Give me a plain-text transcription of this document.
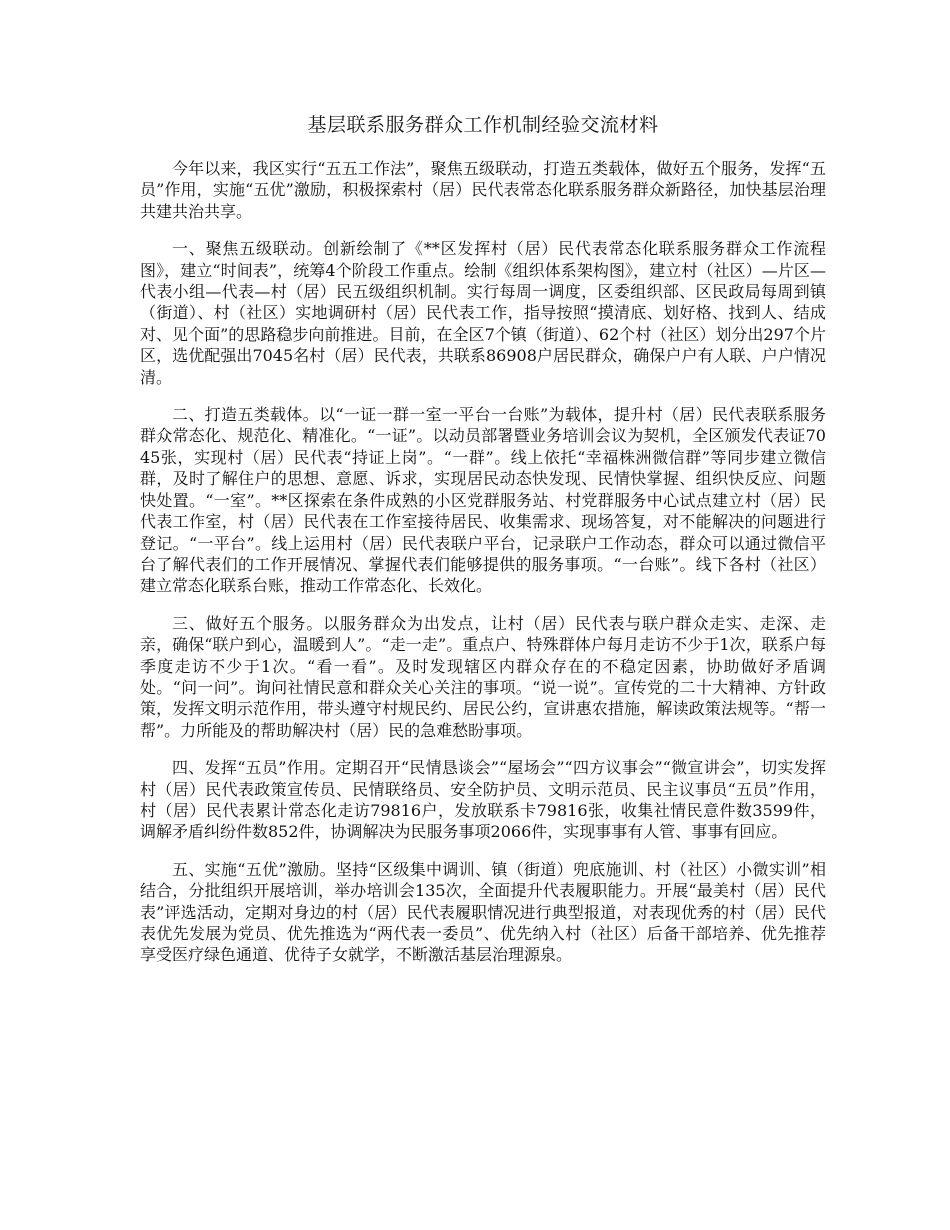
基层联系服务群众工作机制经验交流材料

今年以来，我区实行“五五工作法”，聚焦五级联动，打造五类载体，做好五个服务，发挥“五员”作用，实施“五优”激励，积极探索村（居）民代表常态化联系服务群众新路径，加快基层治理共建共治共享。

一、聚焦五级联动。创新绘制了《**区发挥村（居）民代表常态化联系服务群众工作流程图》，建立“时间表”，统筹4个阶段工作重点。绘制《组织体系架构图》，建立村（社区）—片区—代表小组—代表—村（居）民五级组织机制。实行每周一调度，区委组织部、区民政局每周到镇（街道）、村（社区）实地调研村（居）民代表工作，指导按照“摸清底、划好格、找到人、结成对、见个面”的思路稳步向前推进。目前，在全区7个镇（街道）、62个村（社区）划分出297个片区，选优配强出7045名村（居）民代表，共联系86908户居民群众，确保户户有人联、户户情况清。

二、打造五类载体。以“一证一群一室一平台一台账”为载体，提升村（居）民代表联系服务群众常态化、规范化、精准化。“一证”。以动员部署暨业务培训会议为契机，全区颁发代表证7045张，实现村（居）民代表“持证上岗”。“一群”。线上依托“幸福株洲微信群”等同步建立微信群，及时了解住户的思想、意愿、诉求，实现居民动态快发现、民情快掌握、组织快反应、问题快处置。“一室”。**区探索在条件成熟的小区党群服务站、村党群服务中心试点建立村（居）民代表工作室，村（居）民代表在工作室接待居民、收集需求、现场答复，对不能解决的问题进行登记。“一平台”。线上运用村（居）民代表联户平台，记录联户工作动态，群众可以通过微信平台了解代表们的工作开展情况、掌握代表们能够提供的服务事项。“一台账”。线下各村（社区）建立常态化联系台账，推动工作常态化、长效化。

三、做好五个服务。以服务群众为出发点，让村（居）民代表与联户群众走实、走深、走亲，确保“联户到心，温暖到人”。“走一走”。重点户、特殊群体户每月走访不少于1次，联系户每季度走访不少于1次。“看一看”。及时发现辖区内群众存在的不稳定因素，协助做好矛盾调处。“问一问”。询问社情民意和群众关心关注的事项。“说一说”。宣传党的二十大精神、方针政策，发挥文明示范作用，带头遵守村规民约、居民公约，宣讲惠农措施，解读政策法规等。“帮一帮”。力所能及的帮助解决村（居）民的急难愁盼事项。

四、发挥“五员”作用。定期召开“民情恳谈会”“屋场会”“四方议事会”“微宣讲会”，切实发挥村（居）民代表政策宣传员、民情联络员、安全防护员、文明示范员、民主议事员“五员”作用，村（居）民代表累计常态化走访79816户，发放联系卡79816张，收集社情民意件数3599件，调解矛盾纠纷件数852件，协调解决为民服务事项2066件，实现事事有人管、事事有回应。

五、实施“五优”激励。坚持“区级集中调训、镇（街道）兜底施训、村（社区）小微实训”相结合，分批组织开展培训，举办培训会135次，全面提升代表履职能力。开展“最美村（居）民代表”评选活动，定期对身边的村（居）民代表履职情况进行典型报道，对表现优秀的村（居）民代表优先发展为党员、优先推选为“两代表一委员”、优先纳入村（社区）后备干部培养、优先推荐享受医疗绿色通道、优待子女就学，不断激活基层治理源泉。
